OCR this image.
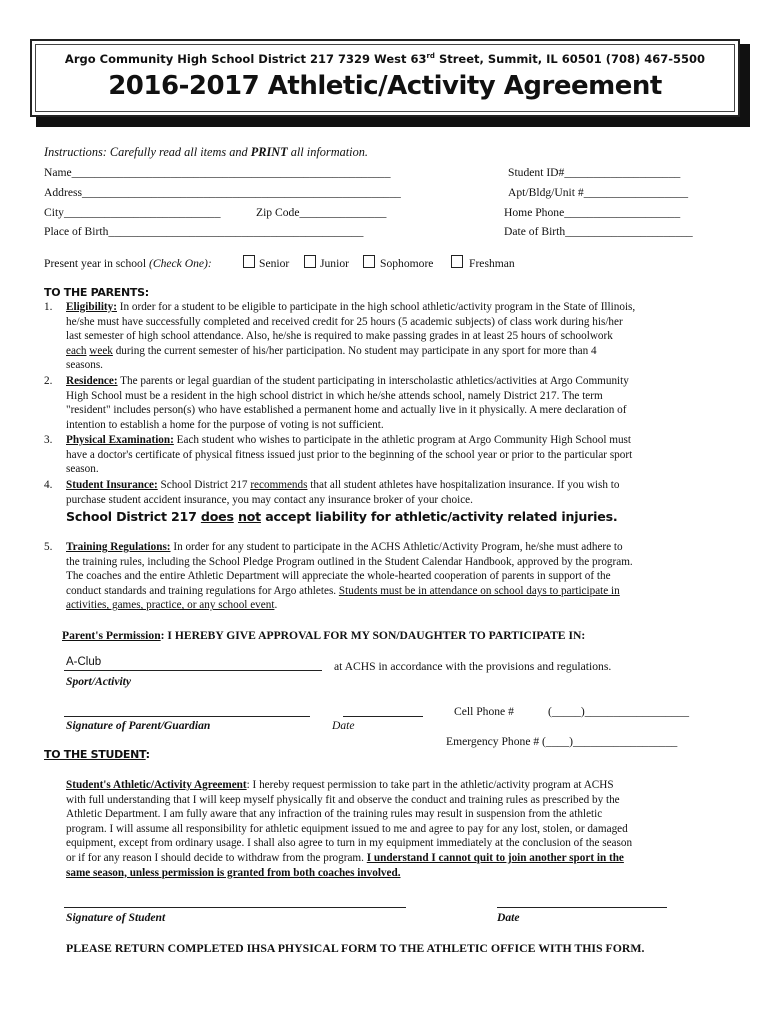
Argo Community High School District 217 7329 West 63rd Street, Summit, IL 60501 (708) 467-5500
2016-2017 Athletic/Activity Agreement
Instructions: Carefully read all items and PRINT all information.
Name_______________________________________________________	Student ID#____________________
Address_______________________________________________________	Apt/Bldg/Unit #__________________
City___________________________	Zip Code_______________	Home Phone____________________
Place of Birth____________________________________________	Date of Birth______________________
Present year in school (Check One):	Senior	Junior	Sophomore	Freshman
TO THE PARENTS:
1. Eligibility: In order for a student to be eligible to participate in the high school athletic/activity program in the State of Illinois,
he/she must have successfully completed and received credit for 25 hours (5 academic subjects) of class work during his/her
last semester of high school attendance. Also, he/she is required to make passing grades in at least 25 hours of schoolwork
each week during the current semester of his/her participation. No student may participate in any sport for more than 4
seasons.
2. Residence: The parents or legal guardian of the student participating in interscholastic athletics/activities at Argo Community
High School must be a resident in the high school district in which he/she attends school, namely District 217. The term
"resident" includes person(s) who have established a permanent home and actually live in it physically. A mere declaration of
intention to establish a home for the purpose of voting is not sufficient.
3. Physical Examination: Each student who wishes to participate in the athletic program at Argo Community High School must
have a doctor's certificate of physical fitness issued just prior to the beginning of the school year or prior to the particular sport
season.
4. Student Insurance: School District 217 recommends that all student athletes have hospitalization insurance. If you wish to
purchase student accident insurance, you may contact any insurance broker of your choice.
School District 217 does not accept liability for athletic/activity related injuries.
5. Training Regulations: In order for any student to participate in the ACHS Athletic/Activity Program, he/she must adhere to
the training rules, including the School Pledge Program outlined in the Student Calendar Handbook, approved by the program.
The coaches and the entire Athletic Department will appreciate the whole-hearted cooperation of parents in support of the
conduct standards and training regulations for Argo athletes. Students must be in attendance on school days to participate in
activities, games, practice, or any school event.
Parent's Permission: I HEREBY GIVE APPROVAL FOR MY SON/DAUGHTER TO PARTICIPATE IN:
A-Club	at ACHS in accordance with the provisions and regulations.
Sport/Activity
Cell Phone #	(_____)__________________
Signature of Parent/Guardian	Date
Emergency Phone # (____)__________________
TO THE STUDENT:
Student's Athletic/Activity Agreement: I hereby request permission to take part in the athletic/activity program at ACHS
with full understanding that I will keep myself physically fit and observe the conduct and training rules as prescribed by the
Athletic Department. I am fully aware that any infraction of the training rules may result in suspension from the athletic
program. I will assume all responsibility for athletic equipment issued to me and agree to pay for any lost, stolen, or damaged
equipment, except from ordinary usage. I shall also agree to turn in my equipment immediately at the conclusion of the season
or if for any reason I should decide to withdraw from the program. I understand I cannot quit to join another sport in the
same season, unless permission is granted from both coaches involved.
Signature of Student	Date
PLEASE RETURN COMPLETED IHSA PHYSICAL FORM TO THE ATHLETIC OFFICE WITH THIS FORM.
